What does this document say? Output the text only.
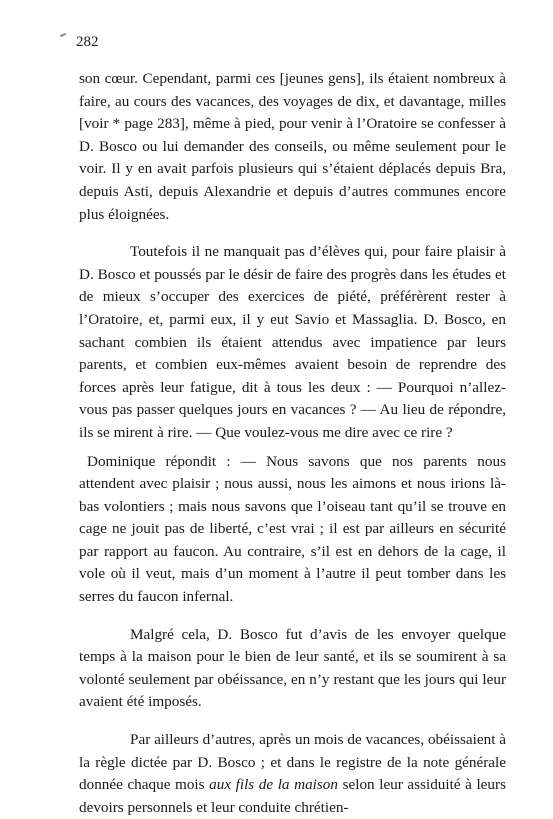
282

son cœur. Cependant, parmi ces [jeunes gens], ils étaient nombreux à faire, au cours des vacances, des voyages de dix, et davantage, milles [voir * page 283], même à pied, pour venir à l’Oratoire se confesser à D. Bosco ou lui demander des conseils, ou même seulement pour le voir. Il y en avait parfois plusieurs qui s’étaient déplacés depuis Bra, depuis Asti, depuis Alexandrie et depuis d’autres communes encore plus éloignées.

Toutefois il ne manquait pas d’élèves qui, pour faire plaisir à D. Bosco et poussés par le désir de faire des progrès dans les études et de mieux s’occuper des exercices de piété, préférèrent rester à l’Oratoire, et, parmi eux, il y eut Savio et Massaglia. D. Bosco, en sachant combien ils étaient attendus avec impatience par leurs parents, et combien eux-mêmes avaient besoin de reprendre des forces après leur fatigue, dit à tous les deux : — Pourquoi n’allez-vous pas passer quelques jours en vacances ? — Au lieu de répondre, ils se mirent à rire. — Que voulez-vous me dire avec ce rire ?

Dominique répondit : — Nous savons que nos parents nous attendent avec plaisir ; nous aussi, nous les aimons et nous irions là-bas volontiers ; mais nous savons que l’oiseau tant qu’il se trouve en cage ne jouit pas de liberté, c’est vrai ; il est par ailleurs en sécurité par rapport au faucon. Au contraire, s’il est en dehors de la cage, il vole où il veut, mais d’un moment à l’autre il peut tomber dans les serres du faucon infernal.

Malgré cela, D. Bosco fut d’avis de les envoyer quelque temps à la maison pour le bien de leur santé, et ils se soumirent à sa volonté seulement par obéissance, en n’y restant que les jours qui leur avaient été imposés.

Par ailleurs d’autres, après un mois de vacances, obéissaient à la règle dictée par D. Bosco ; et dans le registre de la note générale donnée chaque mois aux fils de la maison selon leur assiduité à leurs devoirs personnels et leur conduite chrétien-
